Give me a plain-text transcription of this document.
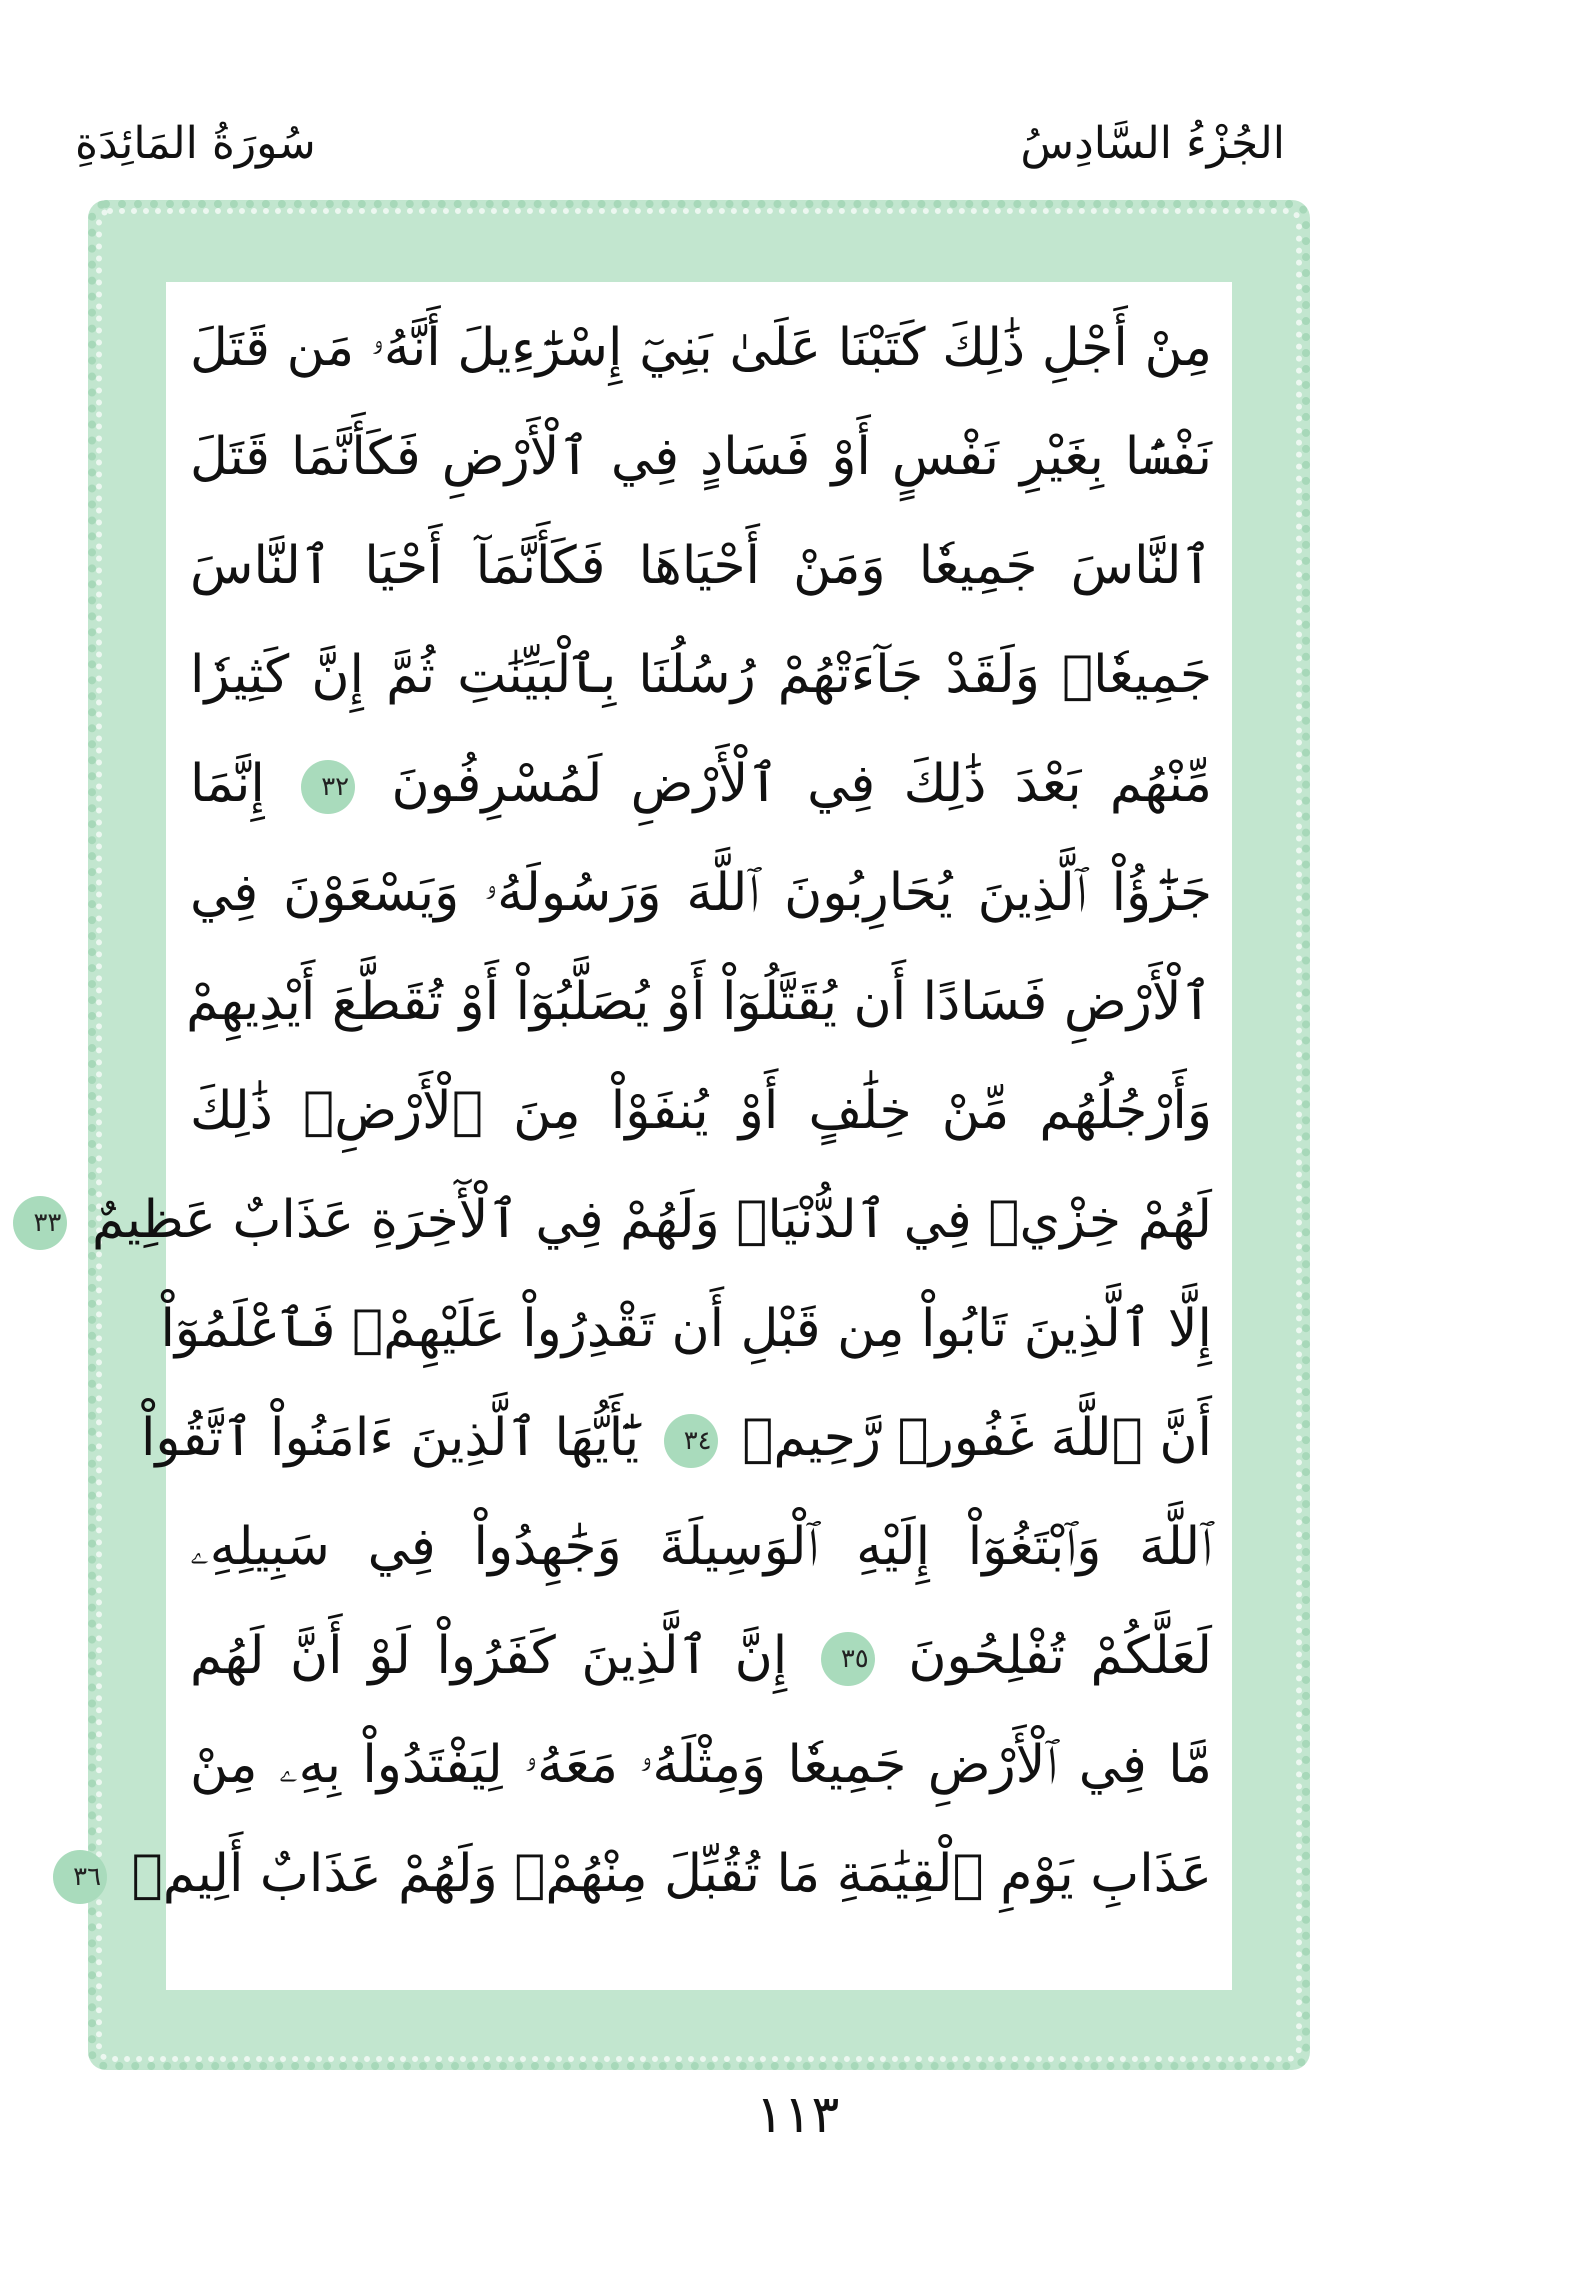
الجُزْءُ السَّادِسُ
سُورَةُ المَائِدَةِ
مِنْ أَجْلِ ذَٰلِكَ كَتَبْنَا عَلَىٰ بَنِيٓ إِسْرَٰٓءِيلَ أَنَّهُۥ مَن قَتَلَ
نَفْسَۢا بِغَيْرِ نَفْسٍ أَوْ فَسَادٍ فِي ٱلْأَرْضِ فَكَأَنَّمَا قَتَلَ
ٱلنَّاسَ جَمِيعٗا وَمَنْ أَحْيَاهَا فَكَأَنَّمَآ أَحْيَا ٱلنَّاسَ
جَمِيعٗاۚ وَلَقَدْ جَآءَتْهُمْ رُسُلُنَا بِٱلْبَيِّنَٰتِ ثُمَّ إِنَّ كَثِيرٗا
مِّنْهُم بَعْدَ ذَٰلِكَ فِي ٱلْأَرْضِ لَمُسْرِفُونَ ٣٢ إِنَّمَا
جَزَٰٓؤُاْ ٱلَّذِينَ يُحَارِبُونَ ٱللَّهَ وَرَسُولَهُۥ وَيَسْعَوْنَ فِي
ٱلْأَرْضِ فَسَادًا أَن يُقَتَّلُوٓاْ أَوْ يُصَلَّبُوٓاْ أَوْ تُقَطَّعَ أَيْدِيهِمْ
وَأَرْجُلُهُم مِّنْ خِلَٰفٍ أَوْ يُنفَوْاْ مِنَ ٱلْأَرْضِۚ ذَٰلِكَ
لَهُمْ خِزْيٞ فِي ٱلدُّنْيَاۖ وَلَهُمْ فِي ٱلْأٓخِرَةِ عَذَابٌ عَظِيمٌ ٣٣
إِلَّا ٱلَّذِينَ تَابُواْ مِن قَبْلِ أَن تَقْدِرُواْ عَلَيْهِمْۖ فَٱعْلَمُوٓاْ
أَنَّ ٱللَّهَ غَفُورٞ رَّحِيمٞ ٣٤ يَٰٓأَيُّهَا ٱلَّذِينَ ءَامَنُواْ ٱتَّقُواْ
ٱللَّهَ وَٱبْتَغُوٓاْ إِلَيْهِ ٱلْوَسِيلَةَ وَجَٰهِدُواْ فِي سَبِيلِهِۦ
لَعَلَّكُمْ تُفْلِحُونَ ٣٥ إِنَّ ٱلَّذِينَ كَفَرُواْ لَوْ أَنَّ لَهُم
مَّا فِي ٱلْأَرْضِ جَمِيعٗا وَمِثْلَهُۥ مَعَهُۥ لِيَفْتَدُواْ بِهِۦ مِنْ
عَذَابِ يَوْمِ ٱلْقِيَٰمَةِ مَا تُقُبِّلَ مِنْهُمْۖ وَلَهُمْ عَذَابٌ أَلِيمٞ ٣٦
١١٣
